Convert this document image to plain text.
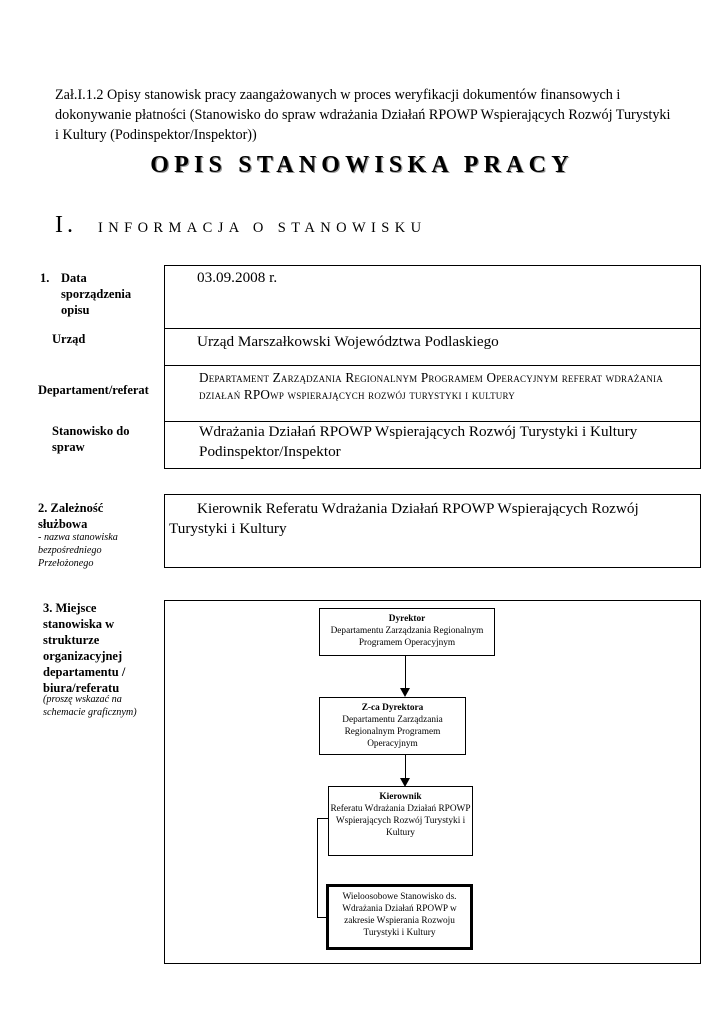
Zał.I.1.2 Opisy stanowisk pracy zaangażowanych w proces weryfikacji dokumentów finansowych i dokonywanie płatności (Stanowisko do spraw wdrażania Działań RPOWP Wspierających Rozwój Turystyki i Kultury (Podinspektor/Inspektor))
OPIS STANOWISKA PRACY
I. INFORMACJA O STANOWISKU
1. Data sporządzenia opisu
03.09.2008 r.
Urząd Marszałkowski Województwa Podlaskiego
Departament Zarządzania Regionalnym Programem Operacyjnym referat wdrażania działań RPOwp wspierających rozwój turystyki i kultury
Wdrażania Działań RPOWP Wspierających Rozwój Turystyki i Kultury
Podinspektor/Inspektor
Urząd
Departament/referat
Stanowisko do spraw
2. Zależność służbowa
- nazwa stanowiska bezpośredniego Przełożonego
Kierownik Referatu Wdrażania Działań RPOWP Wspierających Rozwój Turystyki i Kultury
3. Miejsce stanowiska w strukturze organizacyjnej departamentu / biura/referatu
(proszę wskazać na schemacie graficznym)
Dyrektor
Departamentu Zarządzania Regionalnym Programem Operacyjnym
Z-ca Dyrektora
Departamentu Zarządzania Regionalnym Programem Operacyjnym
Kierownik
Referatu Wdrażania Działań RPOWP Wspierających Rozwój Turystyki i Kultury
Wieloosobowe Stanowisko ds. Wdrażania Działań RPOWP w zakresie Wspierania Rozwoju Turystyki i Kultury
